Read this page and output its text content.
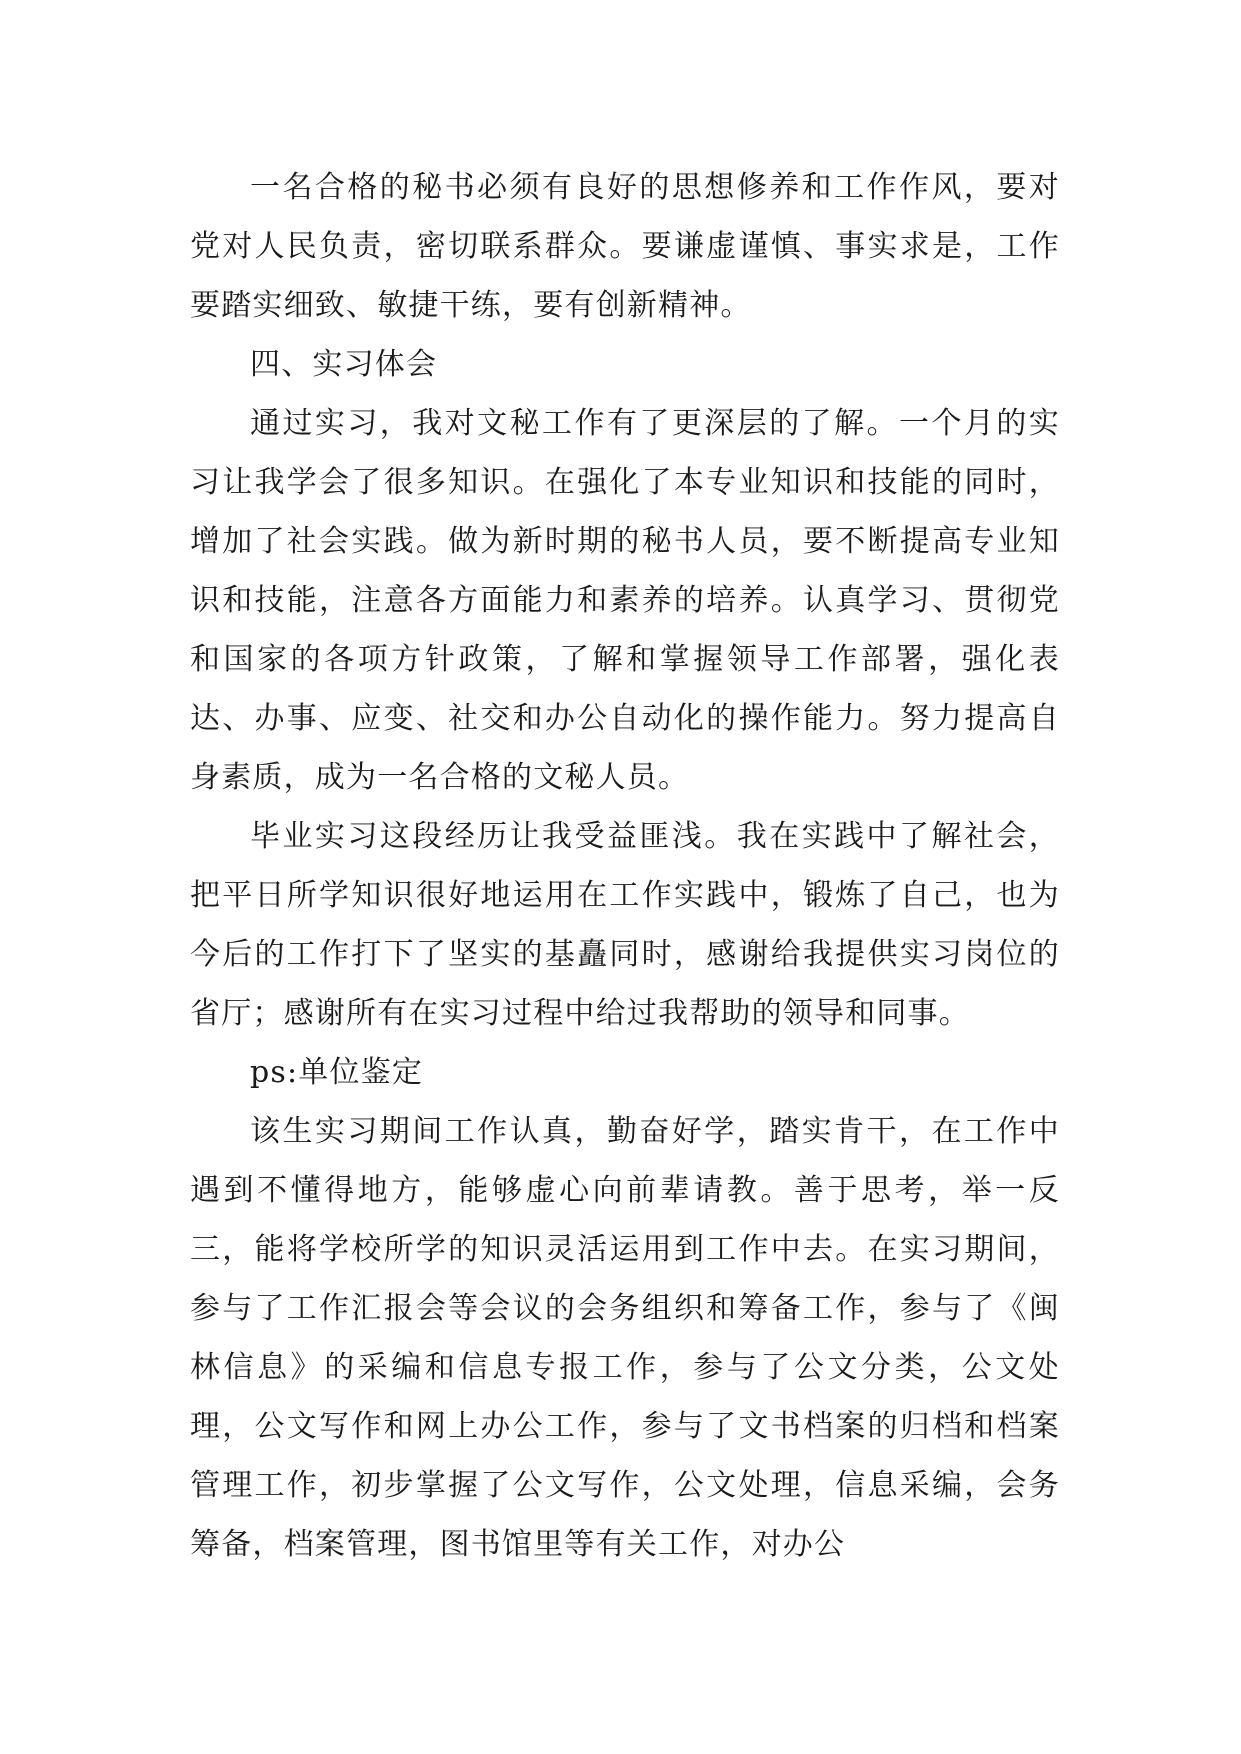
一名合格的秘书必须有良好的思想修养和工作作风，要对党对人民负责，密切联系群众。要谦虚谨慎、事实求是，工作要踏实细致、敏捷干练，要有创新精神。

四、实习体会

通过实习，我对文秘工作有了更深层的了解。一个月的实习让我学会了很多知识。在强化了本专业知识和技能的同时，增加了社会实践。做为新时期的秘书人员，要不断提高专业知识和技能，注意各方面能力和素养的培养。认真学习、贯彻党和国家的各项方针政策，了解和掌握领导工作部署，强化表达、办事、应变、社交和办公自动化的操作能力。努力提高自身素质，成为一名合格的文秘人员。

毕业实习这段经历让我受益匪浅。我在实践中了解社会，把平日所学知识很好地运用在工作实践中，锻炼了自己，也为今后的工作打下了坚实的基矗同时，感谢给我提供实习岗位的省厅；感谢所有在实习过程中给过我帮助的领导和同事。

ps:单位鉴定

该生实习期间工作认真，勤奋好学，踏实肯干，在工作中遇到不懂得地方，能够虚心向前辈请教。善于思考，举一反三，能将学校所学的知识灵活运用到工作中去。在实习期间，参与了工作汇报会等会议的会务组织和筹备工作，参与了《闽林信息》的采编和信息专报工作，参与了公文分类，公文处理，公文写作和网上办公工作，参与了文书档案的归档和档案管理工作，初步掌握了公文写作，公文处理，信息采编，会务筹备，档案管理，图书馆里等有关工作，对办公
